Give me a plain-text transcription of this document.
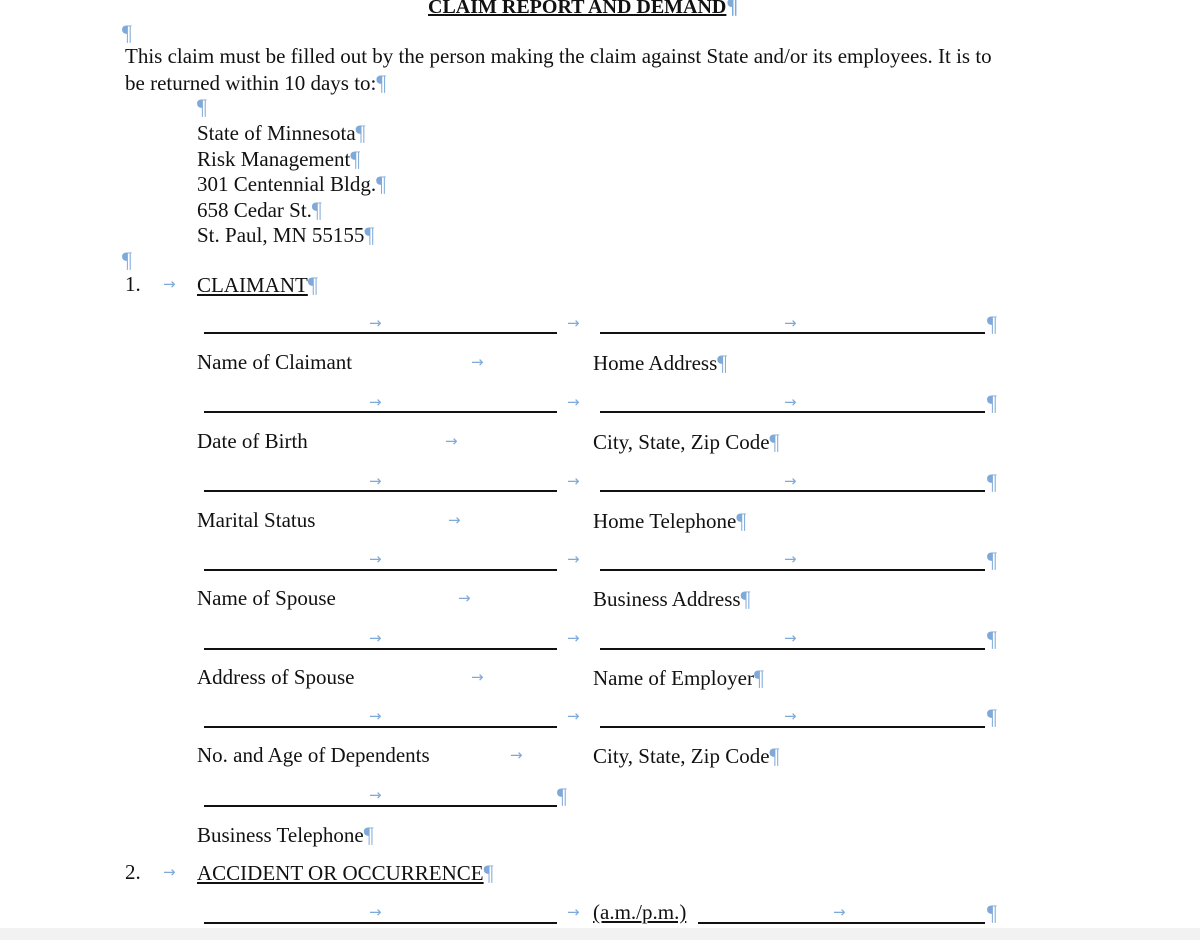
CLAIM REPORT AND DEMAND¶
¶
This claim must be filled out by the person making the claim against State and/or its employees. It is to
be returned within 10 days to:¶
¶
State of Minnesota¶
Risk Management¶
301 Centennial Bldg.¶
658 Cedar St.¶
St. Paul, MN 55155¶
¶
1. → CLAIMANT¶
→	→	→	¶
Name of Claimant	→	Home Address¶
→	→	→	¶
Date of Birth	→	City, State, Zip Code¶
→	→	→	¶
Marital Status	→	Home Telephone¶
→	→	→	¶
Name of Spouse	→	Business Address¶
→	→	→	¶
Address of Spouse	→	Name of Employer¶
→	→	→	¶
No. and Age of Dependents	→	City, State, Zip Code¶
→	¶
Business Telephone¶
2. → ACCIDENT OR OCCURRENCE¶
→	→ (a.m./p.m.)	→	¶
